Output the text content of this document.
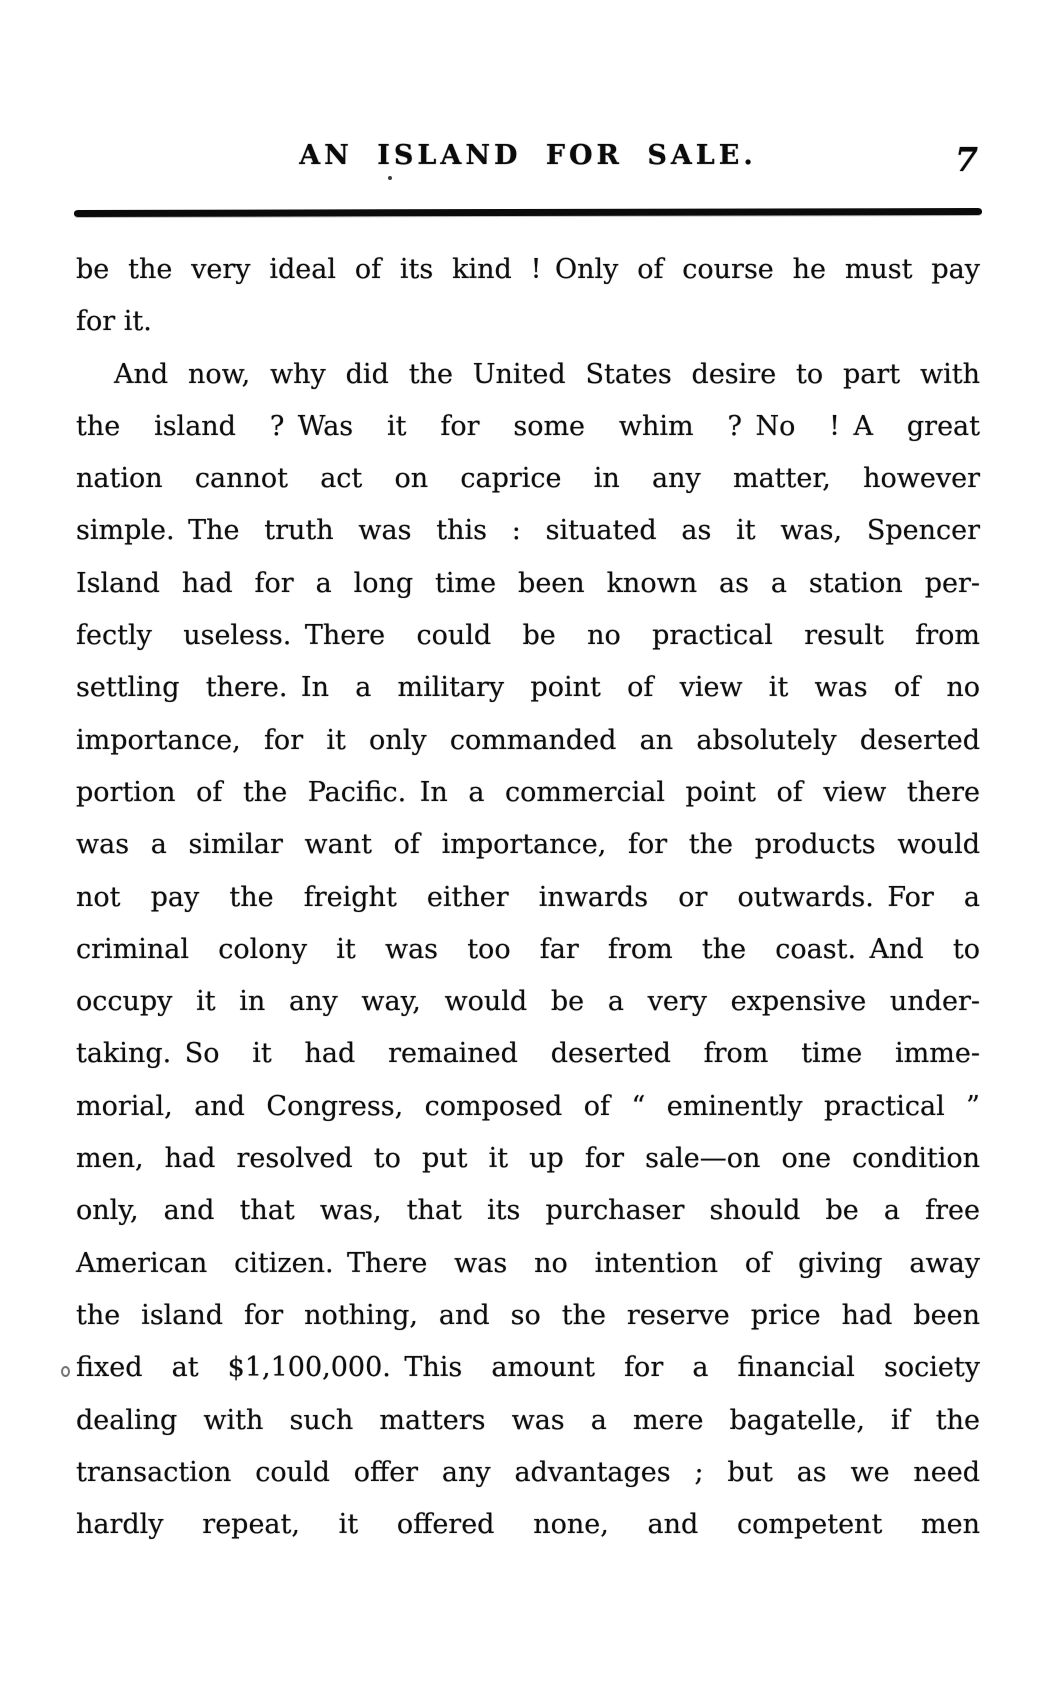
AN ISLAND FOR SALE.	7
be the very ideal of its kind ! Only of course he must pay
for it.
And now, why did the United States desire to part with
the island ? Was it for some whim ? No ! A great
nation cannot act on caprice in any matter, however
simple. The truth was this : situated as it was, Spencer
Island had for a long time been known as a station per-
fectly useless. There could be no practical result from
settling there. In a military point of view it was of no
importance, for it only commanded an absolutely deserted
portion of the Pacific. In a commercial point of view there
was a similar want of importance, for the products would
not pay the freight either inwards or outwards. For a
criminal colony it was too far from the coast. And to
occupy it in any way, would be a very expensive under-
taking. So it had remained deserted from time imme-
morial, and Congress, composed of “ eminently practical ”
men, had resolved to put it up for sale—on one condition
only, and that was, that its purchaser should be a free
American citizen. There was no intention of giving away
the island for nothing, and so the reserve price had been
fixed at $1,100,000. This amount for a financial society
dealing with such matters was a mere bagatelle, if the
transaction could offer any advantages ; but as we need
hardly repeat, it offered none, and competent men
